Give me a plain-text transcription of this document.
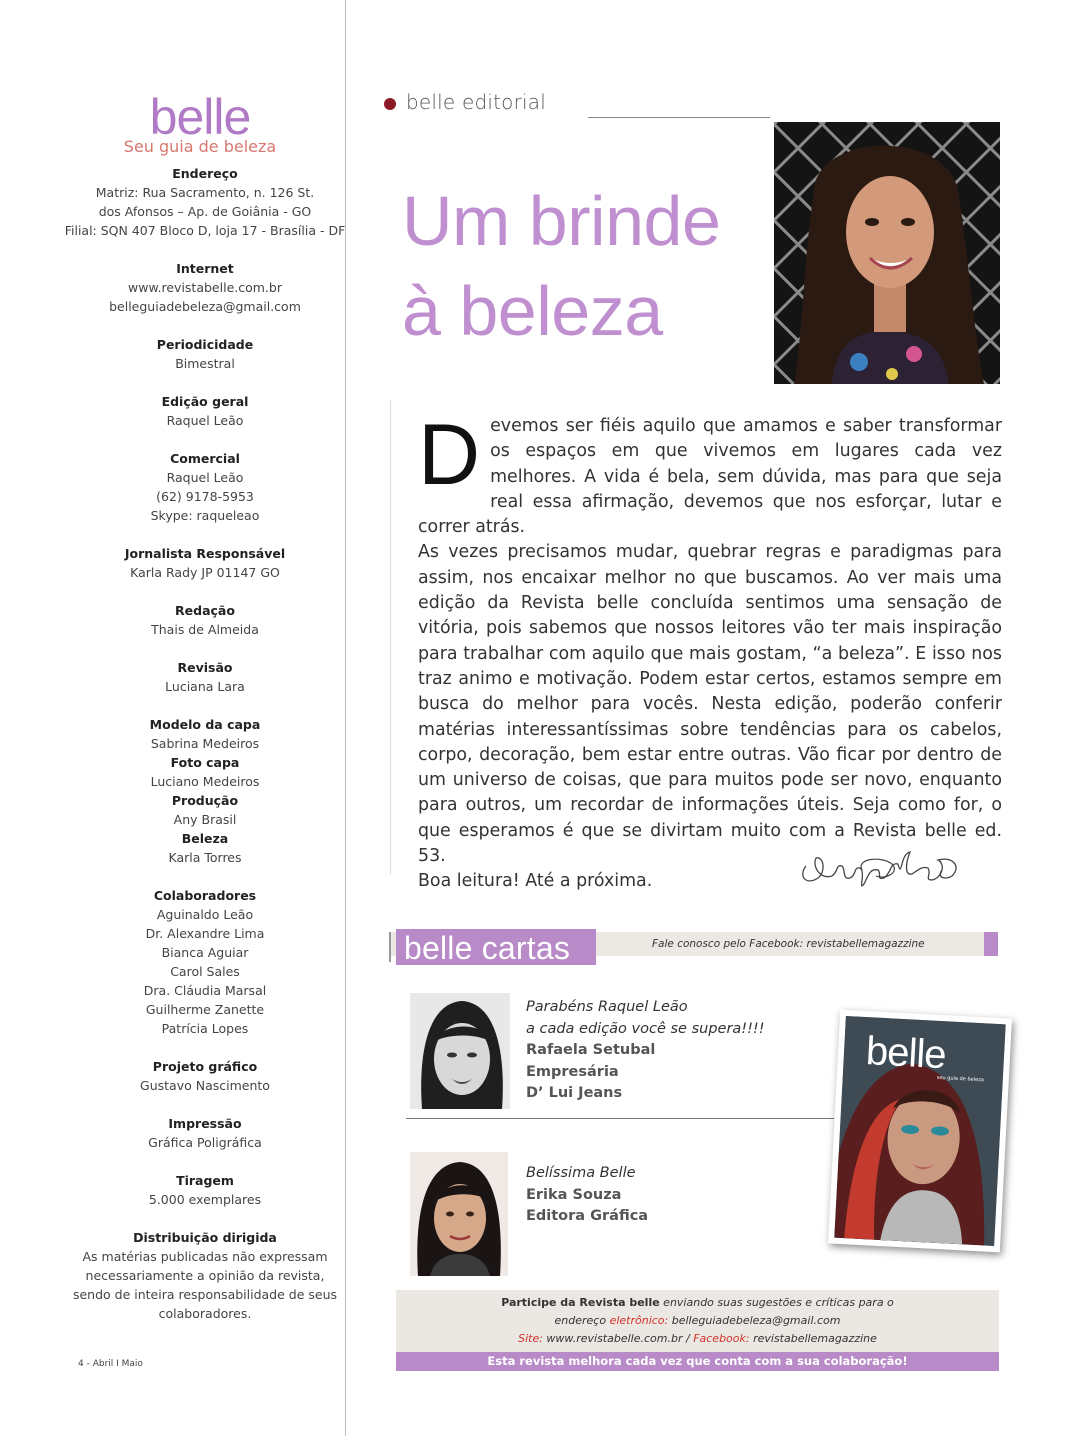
belle
Seu guia de beleza
Endereço
Matriz: Rua Sacramento, n. 126 St.
dos Afonsos – Ap. de Goiânia - GO
Filial: SQN 407 Bloco D, loja 17 - Brasília - DF
Internet
www.revistabelle.com.br
belleguiadebeleza@gmail.com
Periodicidade
Bimestral
Edição geral
Raquel Leão
Comercial
Raquel Leão
(62) 9178-5953
Skype: raqueleao
Jornalista Responsável
Karla Rady JP 01147 GO
Redação
Thais de Almeida
Revisão
Luciana Lara
Modelo da capa
Sabrina Medeiros
Foto capa
Luciano Medeiros
Produção
Any Brasil
Beleza
Karla Torres
Colaboradores
Aguinaldo Leão
Dr. Alexandre Lima
Bianca Aguiar
Carol Sales
Dra. Cláudia Marsal
Guilherme Zanette
Patrícia Lopes
Projeto gráfico
Gustavo Nascimento
Impressão
Gráfica Poligráfica
Tiragem
5.000 exemplares
Distribuição dirigida
As matérias publicadas não expressam
necessariamente a opinião da revista,
sendo de inteira responsabilidade de seus
colaboradores.
4 - Abril I Maio
belle editorial
Um brinde
à beleza

Devemos ser fiéis aquilo que amamos e saber transformar os espaços em que vivemos em lugares cada vez melhores. A vida é bela, sem dúvida, mas para que seja real essa afirmação, devemos que nos esforçar, lutar e correr atrás.

As vezes precisamos mudar, quebrar regras e paradigmas para assim, nos encaixar melhor no que buscamos. Ao ver mais uma edição da Revista belle concluída sentimos uma sensação de vitória, pois sabemos que nossos leitores vão ter mais inspiração para trabalhar com aquilo que mais gostam, “a beleza”. E isso nos traz animo e motivação. Podem estar certos, estamos sempre em busca do melhor para vocês. Nesta edição, poderão conferir matérias interessantíssimas sobre tendências para os cabelos, corpo, decoração, bem estar entre outras. Vão ficar por dentro de um universo de coisas, que para muitos pode ser novo, enquanto para outros, um recordar de informações úteis. Seja como for, o que esperamos é que se divirtam muito com a Revista belle ed. 53.

Boa leitura! Até a próxima.

belle cartas	Fale conosco pelo Facebook: revistabellemagazzine
Parabéns Raquel Leão
a cada edição você se supera!!!!
Rafaela Setubal
Empresária
D’ Lui Jeans
Belíssima Belle
Erika Souza
Editora Gráfica
belle
seu guia de beleza
Participe da Revista belle enviando suas sugestões e críticas para o
endereço eletrônico: belleguiadebeleza@gmail.com
Site: www.revistabelle.com.br / Facebook: revistabellemagazzine
Esta revista melhora cada vez que conta com a sua colaboração!
